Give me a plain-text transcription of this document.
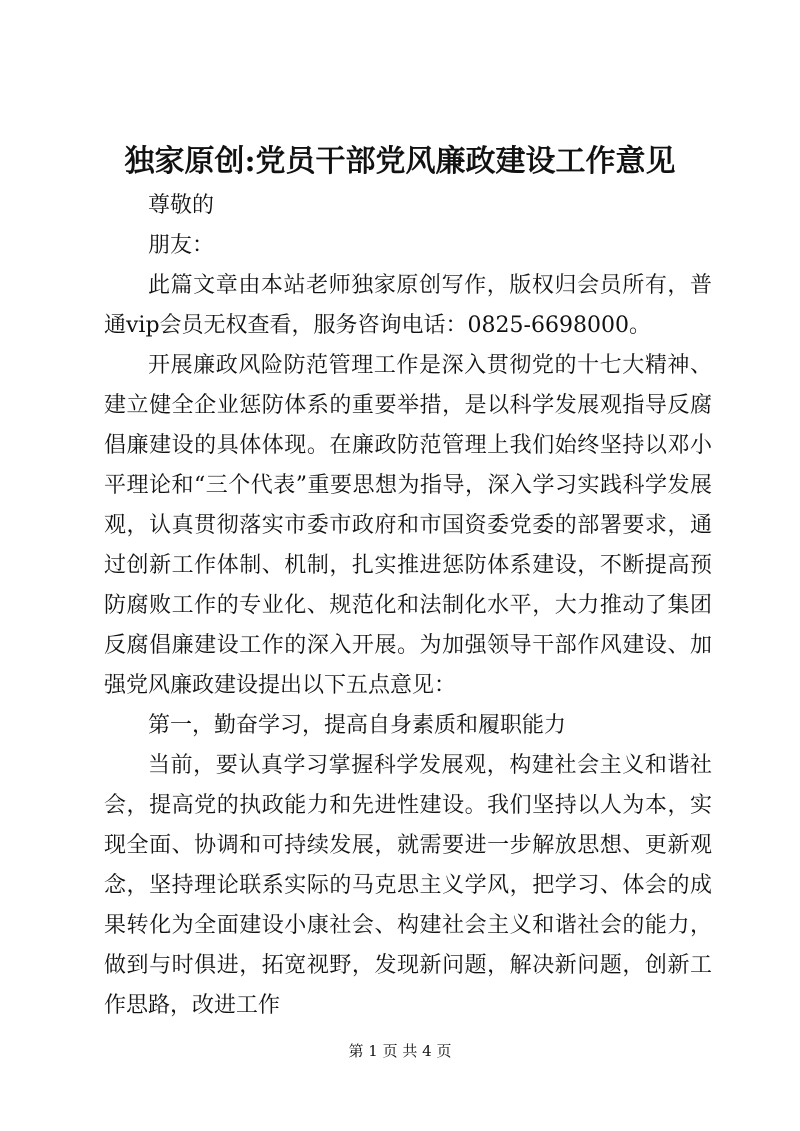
独家原创:党员干部党风廉政建设工作意见

尊敬的

朋友：

此篇文章由本站老师独家原创写作，版权归会员所有，普通vip会员无权查看，服务咨询电话：0825-6698000。

开展廉政风险防范管理工作是深入贯彻党的十七大精神、建立健全企业惩防体系的重要举措，是以科学发展观指导反腐倡廉建设的具体体现。在廉政防范管理上我们始终坚持以邓小平理论和“三个代表”重要思想为指导，深入学习实践科学发展观，认真贯彻落实市委市政府和市国资委党委的部署要求，通过创新工作体制、机制，扎实推进惩防体系建设，不断提高预防腐败工作的专业化、规范化和法制化水平，大力推动了集团反腐倡廉建设工作的深入开展。为加强领导干部作风建设、加强党风廉政建设提出以下五点意见：

第一，勤奋学习，提高自身素质和履职能力

当前，要认真学习掌握科学发展观，构建社会主义和谐社会，提高党的执政能力和先进性建设。我们坚持以人为本，实现全面、协调和可持续发展，就需要进一步解放思想、更新观念，坚持理论联系实际的马克思主义学风，把学习、体会的成果转化为全面建设小康社会、构建社会主义和谐社会的能力，做到与时俱进，拓宽视野，发现新问题，解决新问题，创新工作思路，改进工作

第 1 页 共 4 页
